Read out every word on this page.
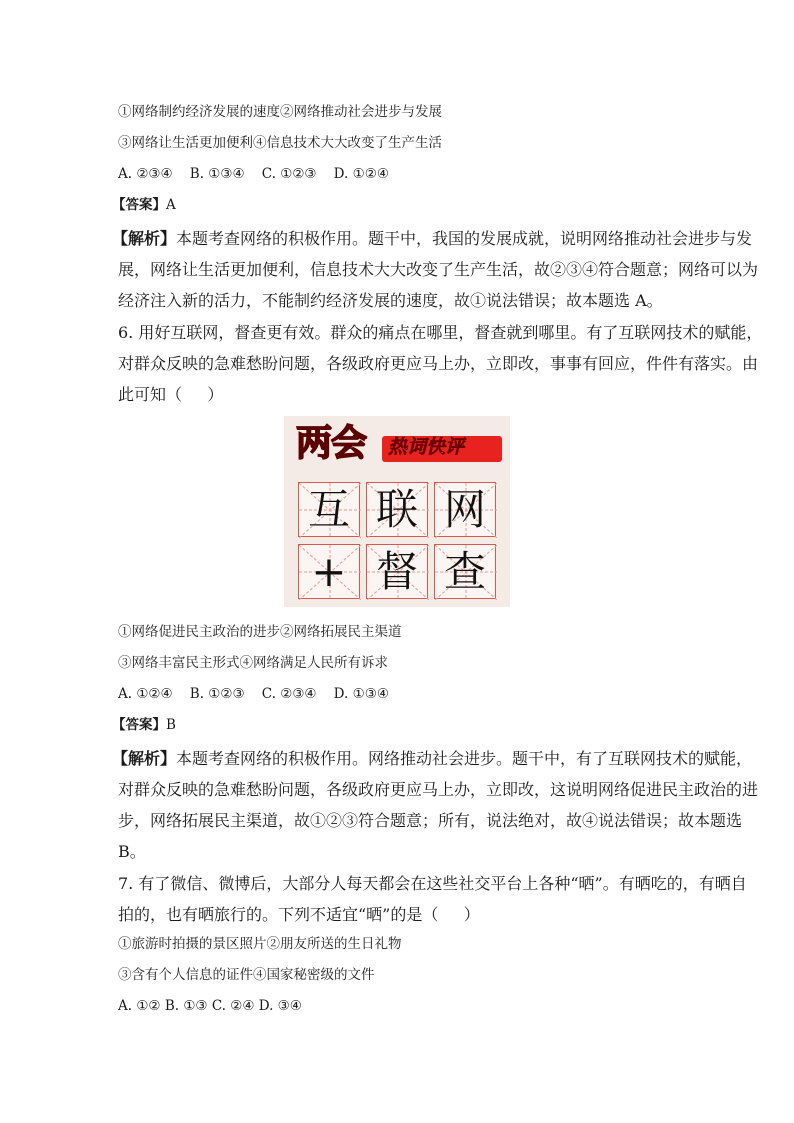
①网络制约经济发展的速度②网络推动社会进步与发展
③网络让生活更加便利④信息技术大大改变了生产生活
A. ②③④    B. ①③④    C. ①②③    D. ①②④
【答案】A
【解析】本题考查网络的积极作用。题干中，我国的发展成就，说明网络推动社会进步与发
展，网络让生活更加便利，信息技术大大改变了生产生活，故②③④符合题意；网络可以为
经济注入新的活力，不能制约经济发展的速度，故①说法错误；故本题选 A。
6. 用好互联网，督查更有效。群众的痛点在哪里，督查就到哪里。有了互联网技术的赋能，
对群众反映的急难愁盼问题，各级政府更应马上办，立即改，事事有回应，件件有落实。由
此可知（     ）
热词快评
两会
互 联 网
+ 督 查
①网络促进民主政治的进步②网络拓展民主渠道
③网络丰富民主形式④网络满足人民所有诉求
A. ①②④    B. ①②③    C. ②③④    D. ①③④
【答案】B
【解析】本题考查网络的积极作用。网络推动社会进步。题干中，有了互联网技术的赋能，
对群众反映的急难愁盼问题，各级政府更应马上办，立即改，这说明网络促进民主政治的进
步，网络拓展民主渠道，故①②③符合题意；所有，说法绝对，故④说法错误；故本题选
B。
7. 有了微信、微博后，大部分人每天都会在这些社交平台上各种“晒”。有晒吃的，有晒自
拍的，也有晒旅行的。下列不适宜“晒”的是（     ）
①旅游时拍摄的景区照片②朋友所送的生日礼物
③含有个人信息的证件④国家秘密级的文件
A. ①② B. ①③ C. ②④ D. ③④
